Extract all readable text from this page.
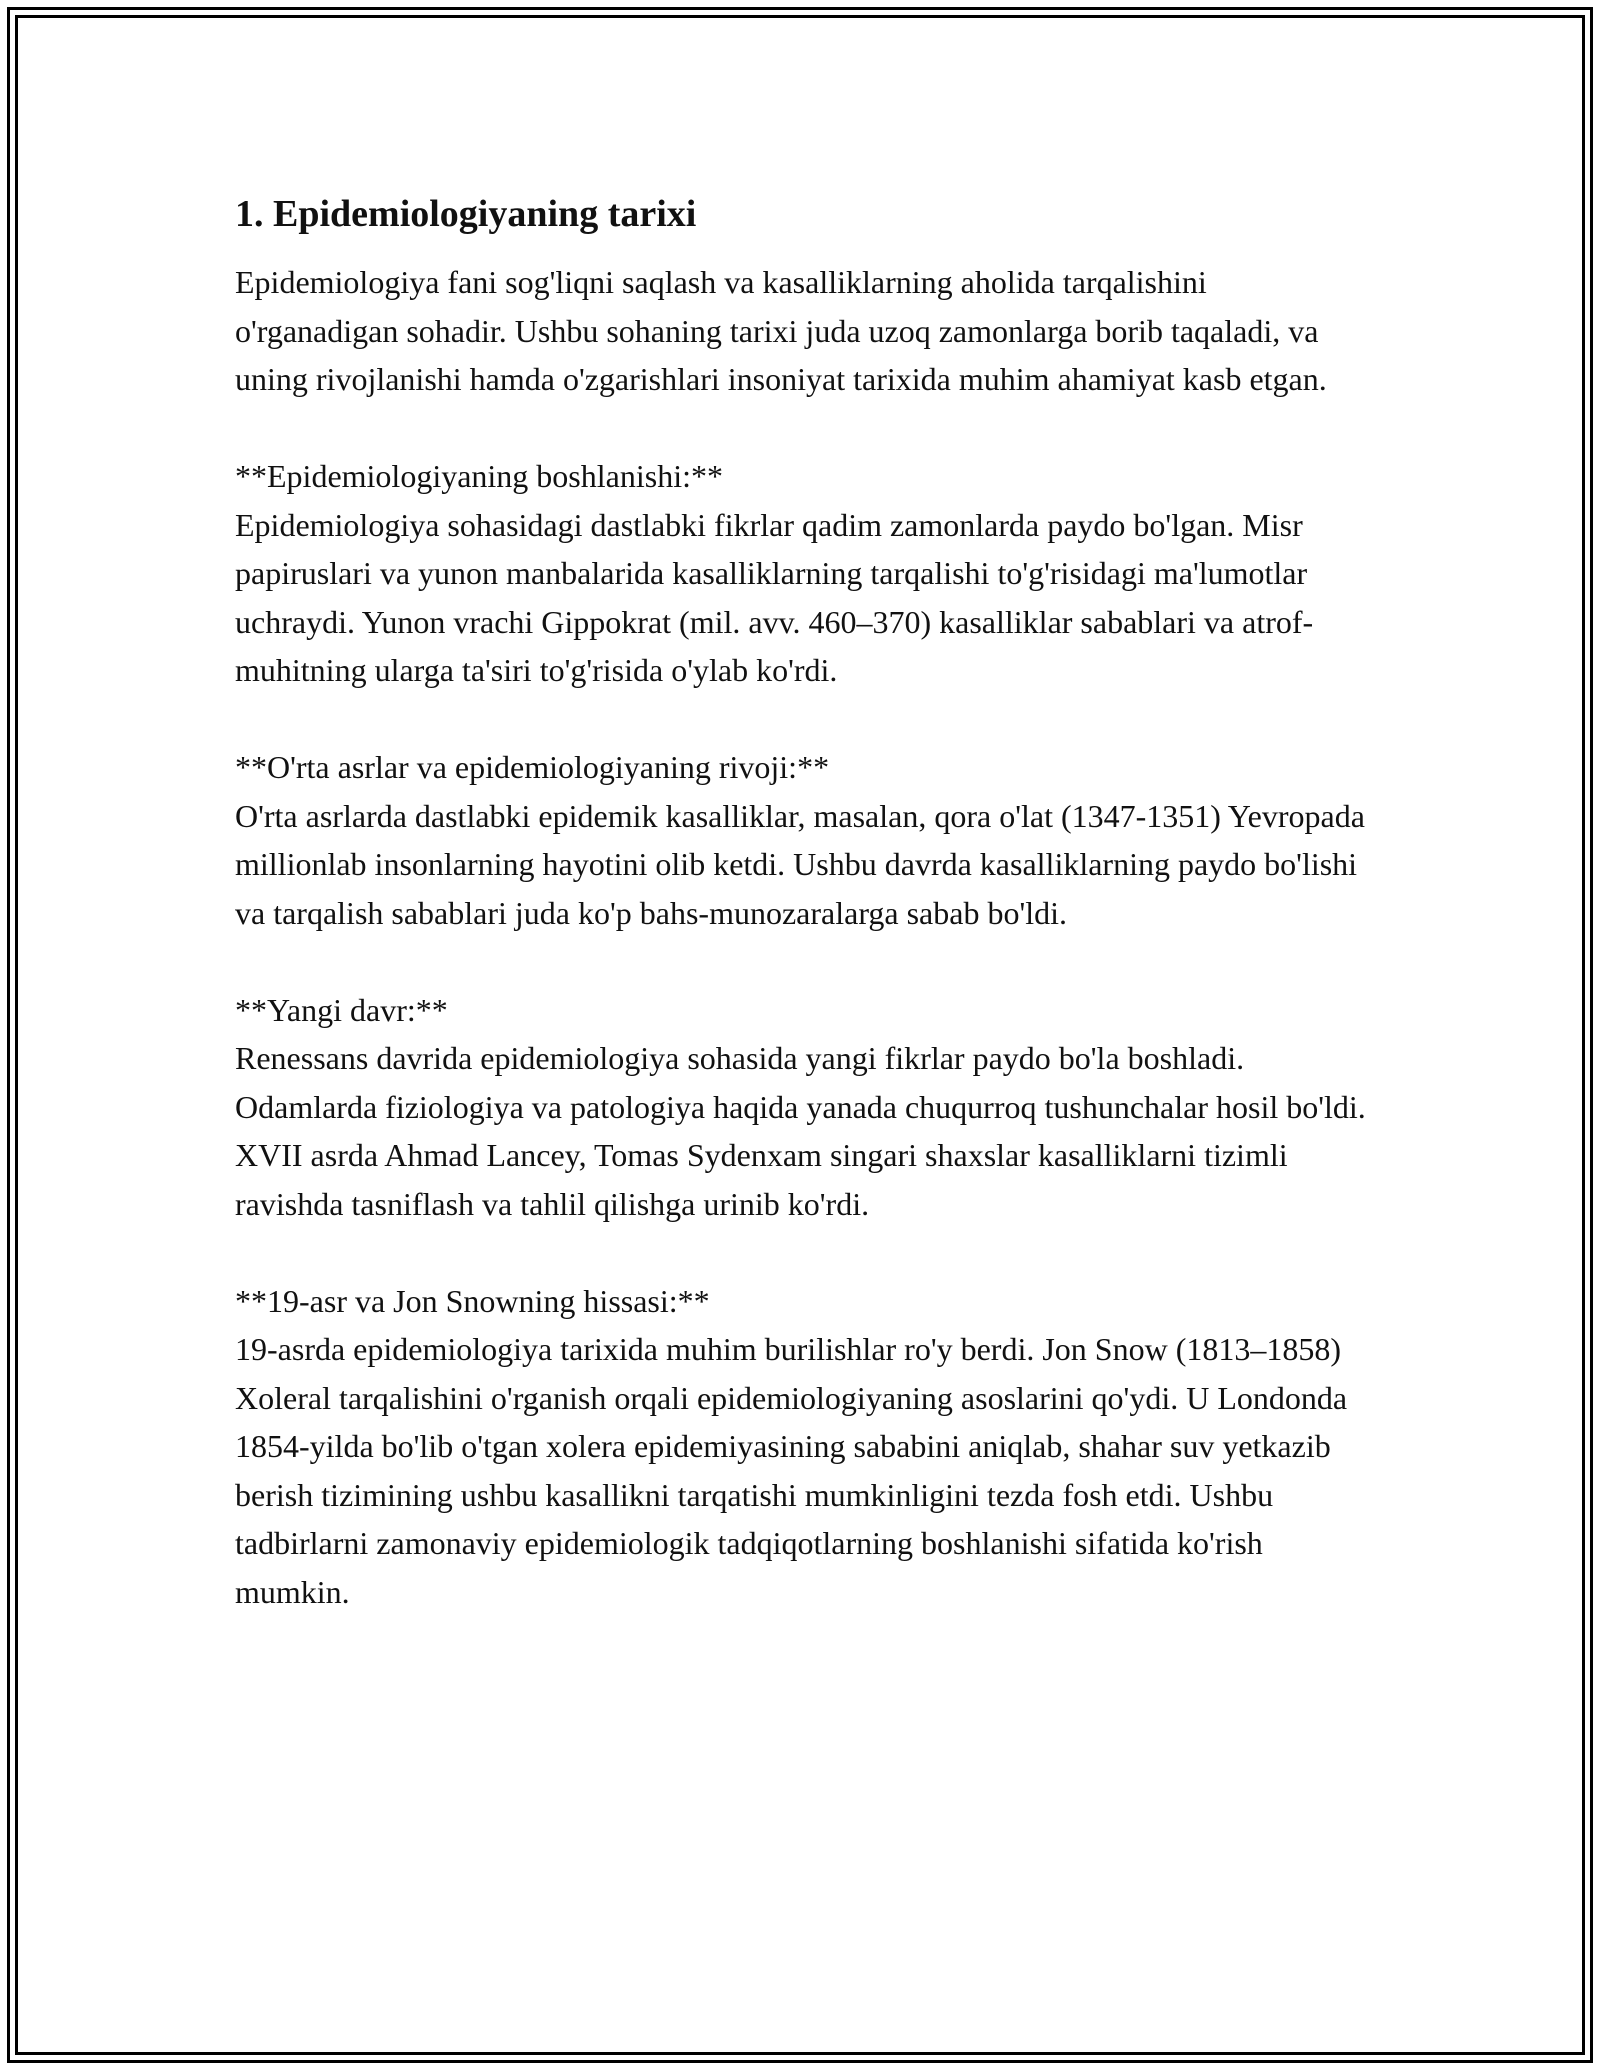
1. Epidemiologiyaning tarixi

Epidemiologiya fani sog'liqni saqlash va kasalliklarning aholida tarqalishini o'rganadigan sohadir. Ushbu sohaning tarixi juda uzoq zamonlarga borib taqaladi, va uning rivojlanishi hamda o'zgarishlari insoniyat tarixida muhim ahamiyat kasb etgan.

**Epidemiologiyaning boshlanishi:**
Epidemiologiya sohasidagi dastlabki fikrlar qadim zamonlarda paydo bo'lgan. Misr papiruslari va yunon manbalarida kasalliklarning tarqalishi to'g'risidagi ma'lumotlar uchraydi. Yunon vrachi Gippokrat (mil. avv. 460–370) kasalliklar sabablari va atrof-muhitning ularga ta'siri to'g'risida o'ylab ko'rdi.

**O'rta asrlar va epidemiologiyaning rivoji:**
O'rta asrlarda dastlabki epidemik kasalliklar, masalan, qora o'lat (1347-1351) Yevropada millionlab insonlarning hayotini olib ketdi. Ushbu davrda kasalliklarning paydo bo'lishi va tarqalish sabablari juda ko'p bahs-munozaralarga sabab bo'ldi.

**Yangi davr:**
Renessans davrida epidemiologiya sohasida yangi fikrlar paydo bo'la boshladi. Odamlarda fiziologiya va patologiya haqida yanada chuqurroq tushunchalar hosil bo'ldi. XVII asrda Ahmad Lancey, Tomas Sydenxam singari shaxslar kasalliklarni tizimli ravishda tasniflash va tahlil qilishga urinib ko'rdi.

**19-asr va Jon Snowning hissasi:**
19-asrda epidemiologiya tarixida muhim burilishlar ro'y berdi. Jon Snow (1813–1858) Xoleral tarqalishini o'rganish orqali epidemiologiyaning asoslarini qo'ydi. U Londonda 1854-yilda bo'lib o'tgan xolera epidemiyasining sababini aniqlab, shahar suv yetkazib berish tizimining ushbu kasallikni tarqatishi mumkinligini tezda fosh etdi. Ushbu tadbirlarni zamonaviy epidemiologik tadqiqotlarning boshlanishi sifatida ko'rish mumkin.
